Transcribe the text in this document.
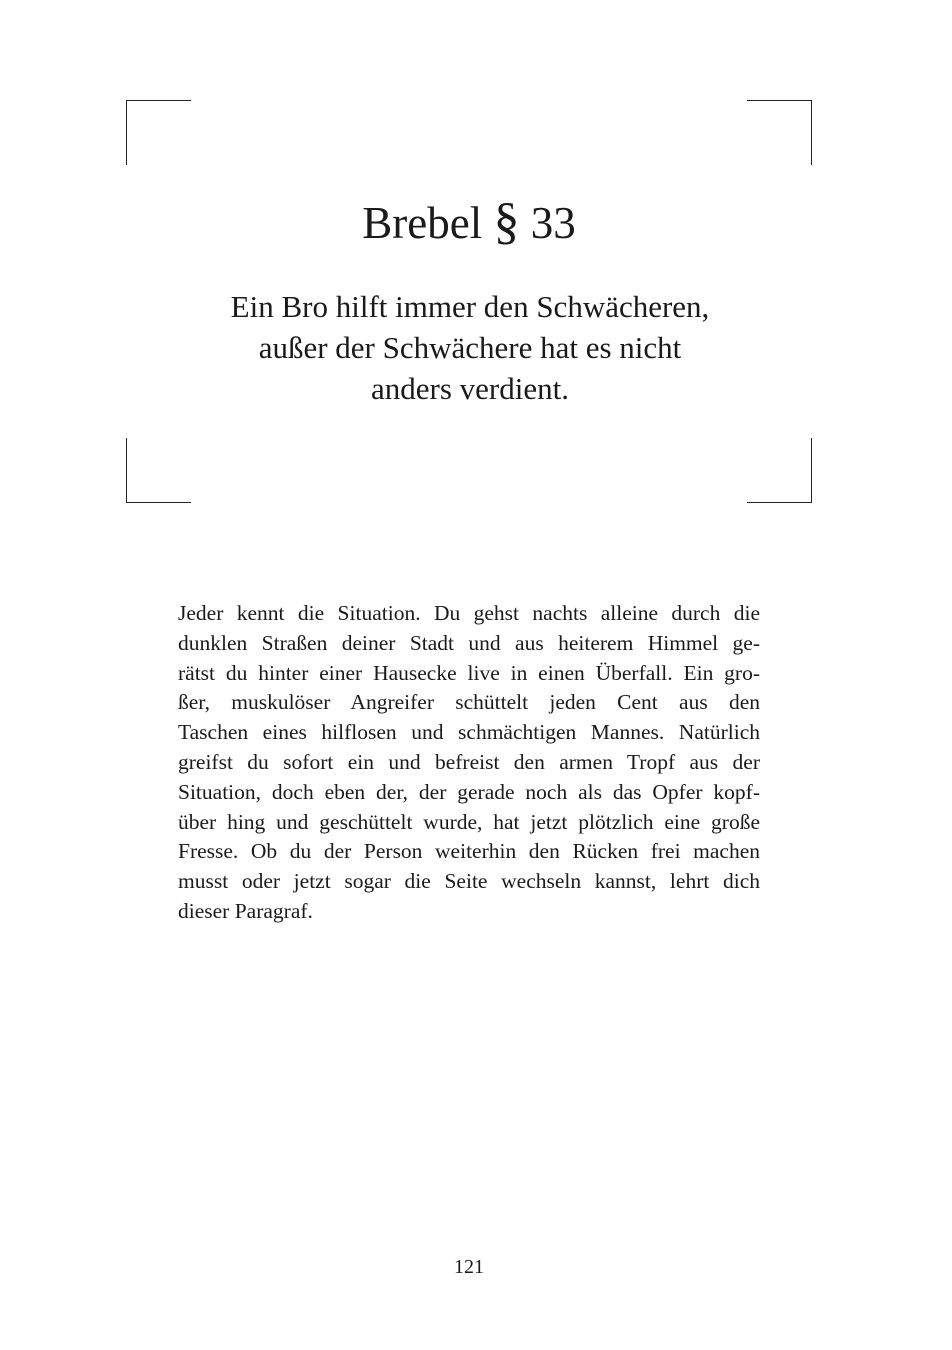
Brebel § 33
Ein Bro hilft immer den Schwächeren,
außer der Schwächere hat es nicht
anders verdient.

Jeder kennt die Situation. Du gehst nachts alleine durch die
dunklen Straßen deiner Stadt und aus heiterem Himmel ge-
rätst du hinter einer Hausecke live in einen Überfall. Ein gro-
ßer, muskulöser Angreifer schüttelt jeden Cent aus den
Taschen eines hilflosen und schmächtigen Mannes. Natürlich
greifst du sofort ein und befreist den armen Tropf aus der
Situation, doch eben der, der gerade noch als das Opfer kopf-
über hing und geschüttelt wurde, hat jetzt plötzlich eine große
Fresse. Ob du der Person weiterhin den Rücken frei machen
musst oder jetzt sogar die Seite wechseln kannst, lehrt dich
dieser Paragraf.

121
